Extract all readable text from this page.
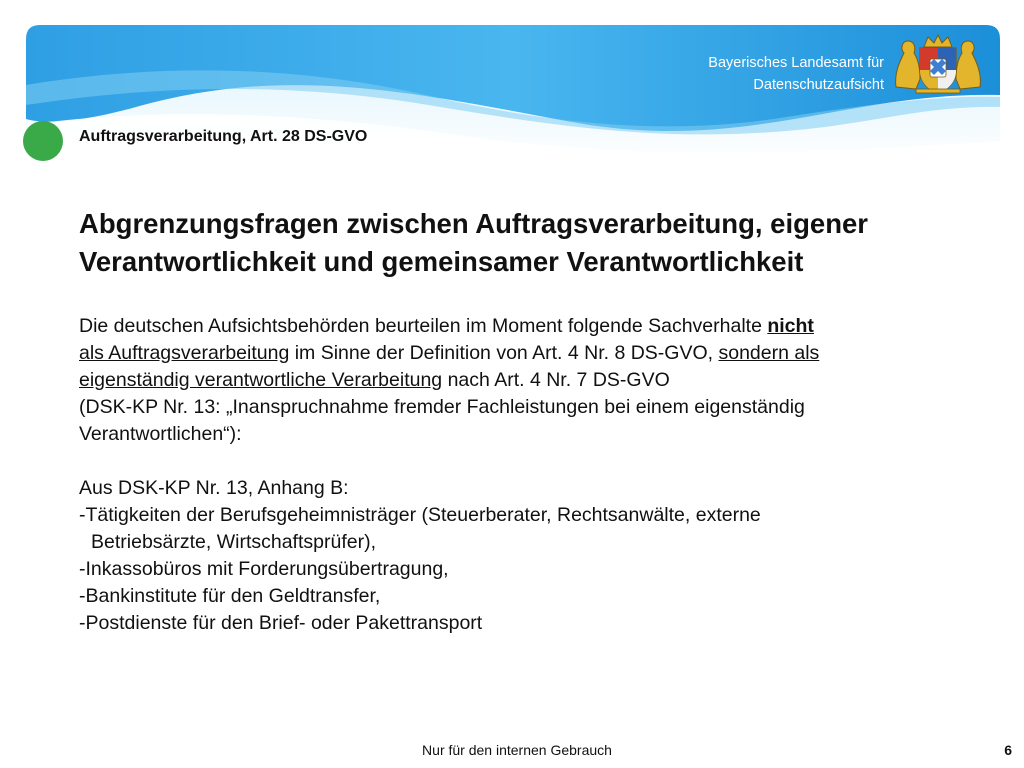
Bayerisches Landesamt für
Datenschutzaufsicht
Auftragsverarbeitung, Art. 28 DS-GVO
Abgrenzungsfragen zwischen Auftragsverarbeitung, eigener
Verantwortlichkeit und gemeinsamer Verantwortlichkeit
Die deutschen Aufsichtsbehörden beurteilen im Moment folgende Sachverhalte nicht
als Auftragsverarbeitung im Sinne der Definition von Art. 4 Nr. 8 DS-GVO, sondern als
eigenständig verantwortliche Verarbeitung nach Art. 4 Nr. 7 DS-GVO
(DSK-KP Nr. 13: „Inanspruchnahme fremder Fachleistungen bei einem eigenständig
Verantwortlichen“):
Aus DSK-KP Nr. 13, Anhang B:
-Tätigkeiten der Berufsgeheimnisträger (Steuerberater, Rechtsanwälte, externe
Betriebsärzte, Wirtschaftsprüfer),
-Inkassobüros mit Forderungsübertragung,
-Bankinstitute für den Geldtransfer,
-Postdienste für den Brief- oder Pakettransport
Nur für den internen Gebrauch	6
